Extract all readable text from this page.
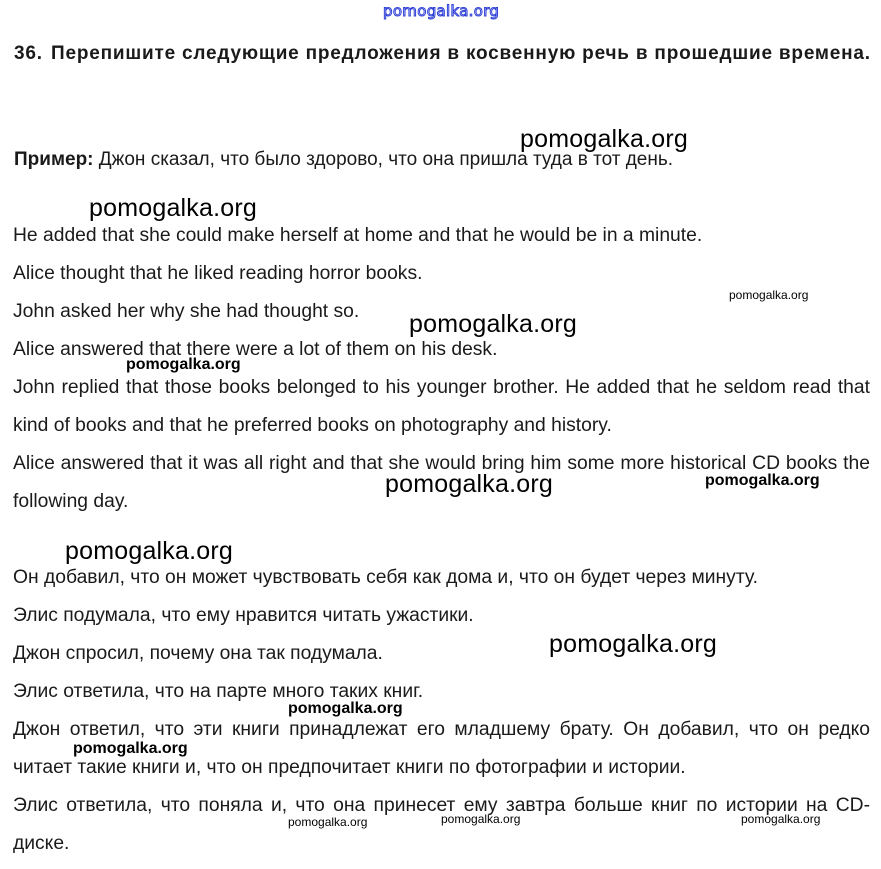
pomogalka.org
36. Перепишите следующие предложения в косвенную речь в прошедшие времена.
Пример: Джон сказал, что было здорово, что она пришла туда в тот день.

He added that she could make herself at home and that he would be in a minute.

Alice thought that he liked reading horror books.

John asked her why she had thought so.

Alice answered that there were a lot of them on his desk.

John replied that those books belonged to his younger brother. He added that he seldom read that kind of books and that he preferred books on photography and history.

Alice answered that it was all right and that she would bring him some more historical CD books the following day.

Он добавил, что он может чувствовать себя как дома и, что он будет через минуту.

Элис подумала, что ему нравится читать ужастики.

Джон спросил, почему она так подумала.

Элис ответила, что на парте много таких книг.

Джон ответил, что эти книги принадлежат его младшему брату. Он добавил, что он редко читает такие книги и, что он предпочитает книги по фотографии и истории.

Элис ответила, что поняла и, что она принесет ему завтра больше книг по истории на CD-диске.

pomogalka.org
pomogalka.org
pomogalka.org
pomogalka.org
pomogalka.org
pomogalka.org	pomogalka.org
pomogalka.org
pomogalka.org
pomogalka.org
pomogalka.org
pomogalka.org	pomogalka.org	pomogalka.org
